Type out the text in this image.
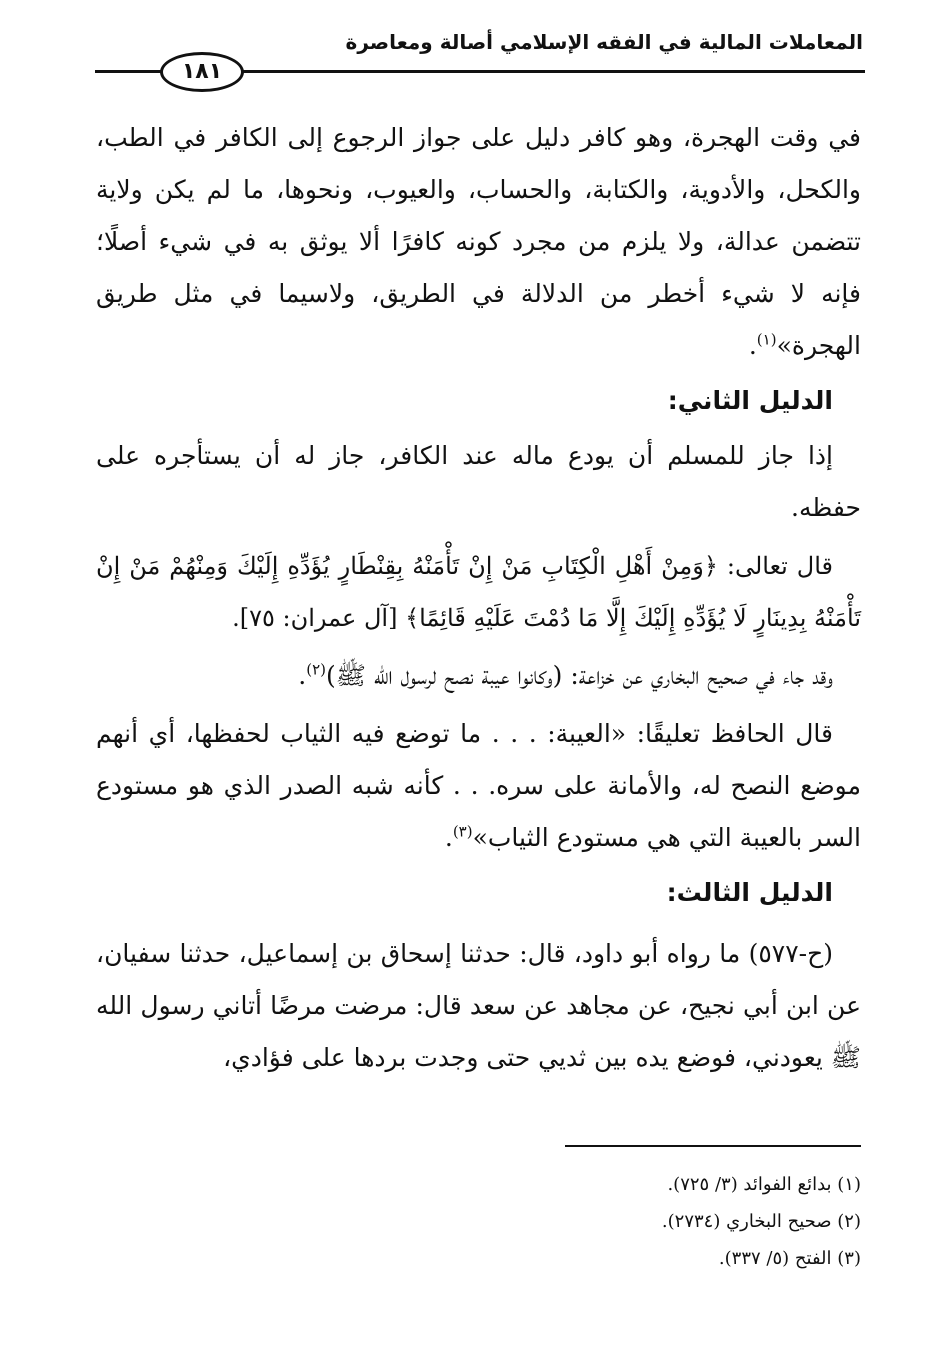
المعاملات المالية في الفقه الإسلامي أصالة ومعاصرة
١٨١

في وقت الهجرة، وهو كافر دليل على جواز الرجوع إلى الكافر في الطب، والكحل، والأدوية، والكتابة، والحساب، والعيوب، ونحوها، ما لم يكن ولاية تتضمن عدالة، ولا يلزم من مجرد كونه كافرًا ألا يوثق به في شيء أصلًا؛ فإنه لا شيء أخطر من الدلالة في الطريق، ولاسيما في مثل طريق الهجرة»$^{(١)}$.

الدليل الثاني:

إذا جاز للمسلم أن يودع ماله عند الكافر، جاز له أن يستأجره على حفظه.

قال تعالى: ﴿وَمِنْ أَهْلِ الْكِتَابِ مَنْ إِنْ تَأْمَنْهُ بِقِنْطَارٍ يُؤَدِّهِ إِلَيْكَ وَمِنْهُمْ مَنْ إِنْ تَأْمَنْهُ بِدِينَارٍ لَا يُؤَدِّهِ إِلَيْكَ إِلَّا مَا دُمْتَ عَلَيْهِ قَائِمًا﴾ [آل عمران: ٧٥].

وقد جاء في صحيح البخاري عن خزاعة: (وكانوا عيبة نصح لرسول الله ﷺ)$^{(٢)}$.

قال الحافظ تعليقًا: «العيبة: . . . ما توضع فيه الثياب لحفظها، أي أنهم موضع النصح له، والأمانة على سره. . . كأنه شبه الصدر الذي هو مستودع السر بالعيبة التي هي مستودع الثياب»$^{(٣)}$.

الدليل الثالث:

(ح-٥٧٧) ما رواه أبو داود، قال: حدثنا إسحاق بن إسماعيل، حدثنا سفيان، عن ابن أبي نجيح، عن مجاهد عن سعد قال: مرضت مرضًا أتاني رسول الله ﷺ يعودني، فوضع يده بين ثديي حتى وجدت بردها على فؤادي،

(١) بدائع الفوائد (٣/ ٧٢٥).

(٢) صحيح البخاري (٢٧٣٤).

(٣) الفتح (٥/ ٣٣٧).
